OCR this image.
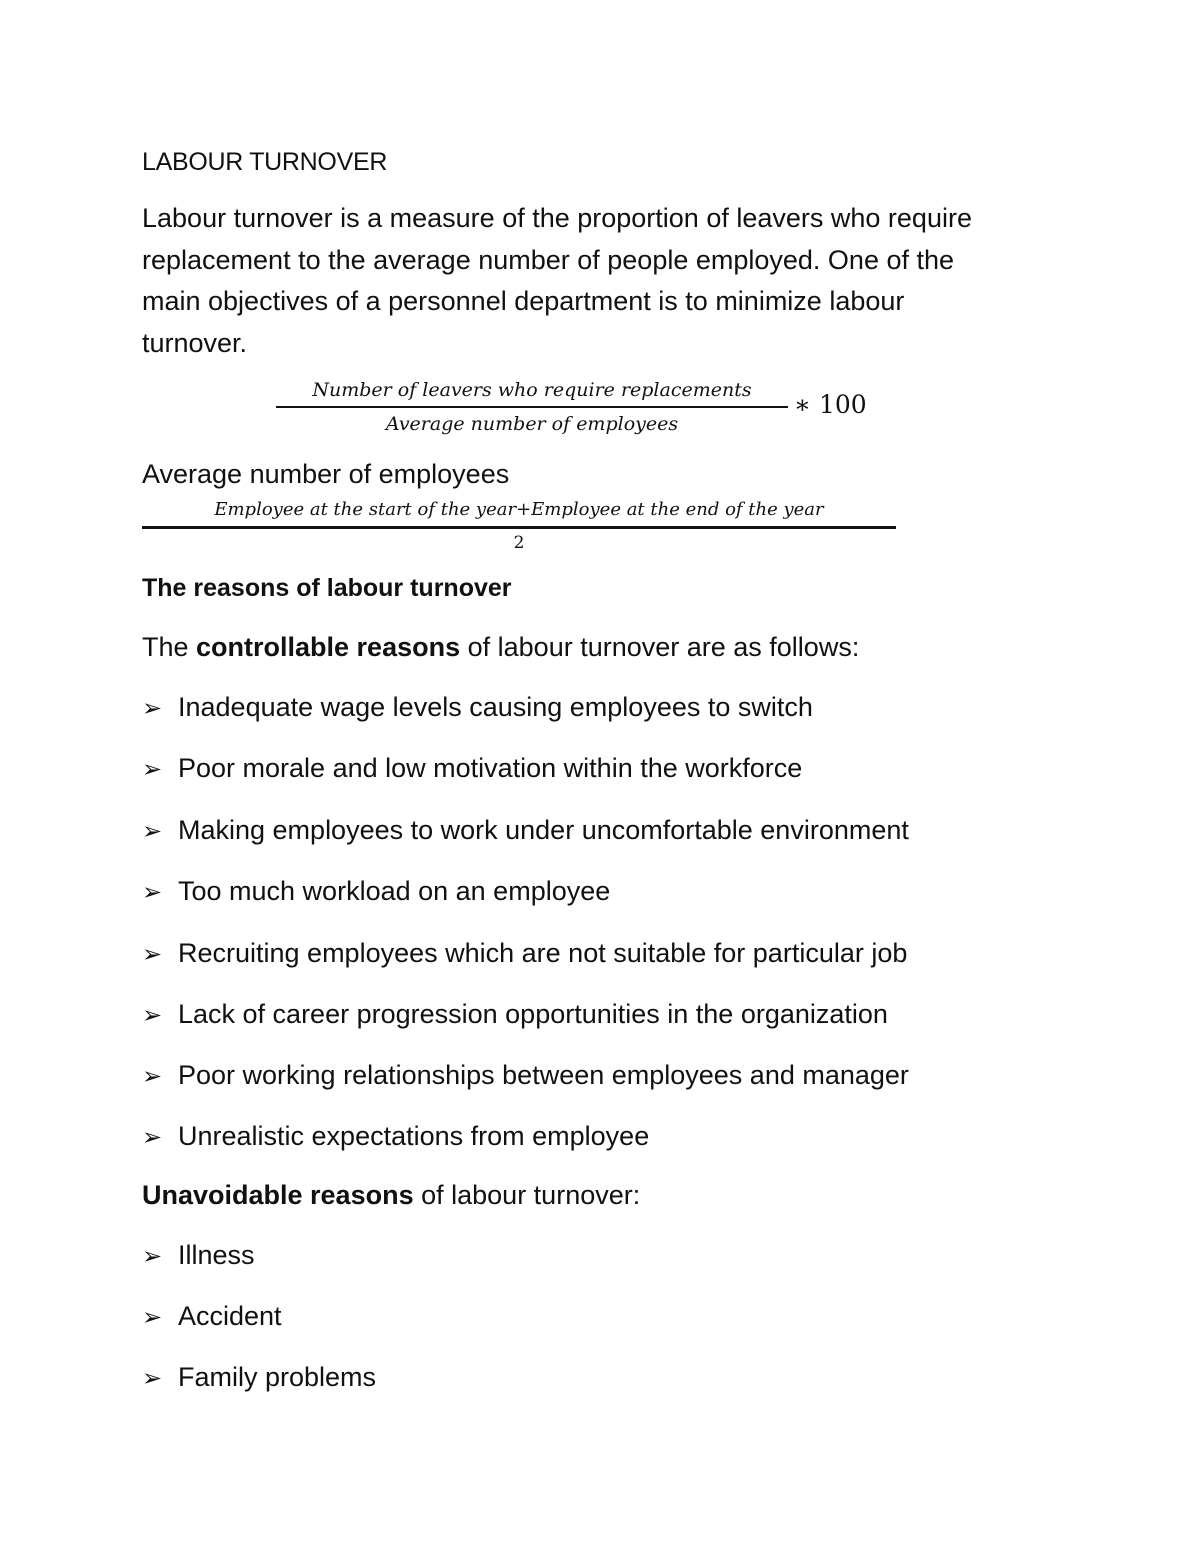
LABOUR TURNOVER
Labour turnover is a measure of the proportion of leavers who require
replacement to the average number of people employed. One of the
main objectives of a personnel department is to minimize labour
turnover.
Number of leavers who require replacements
Average number of employees
∗ 100
Average number of employees
Employee at the start of the year+Employee at the end of the year
2
The reasons of labour turnover
The controllable reasons of labour turnover are as follows:
➢ Inadequate wage levels causing employees to switch
➢ Poor morale and low motivation within the workforce
➢ Making employees to work under uncomfortable environment
➢ Too much workload on an employee
➢ Recruiting employees which are not suitable for particular job
➢ Lack of career progression opportunities in the organization
➢ Poor working relationships between employees and manager
➢ Unrealistic expectations from employee
Unavoidable reasons of labour turnover:
➢ Illness
➢ Accident
➢ Family problems
